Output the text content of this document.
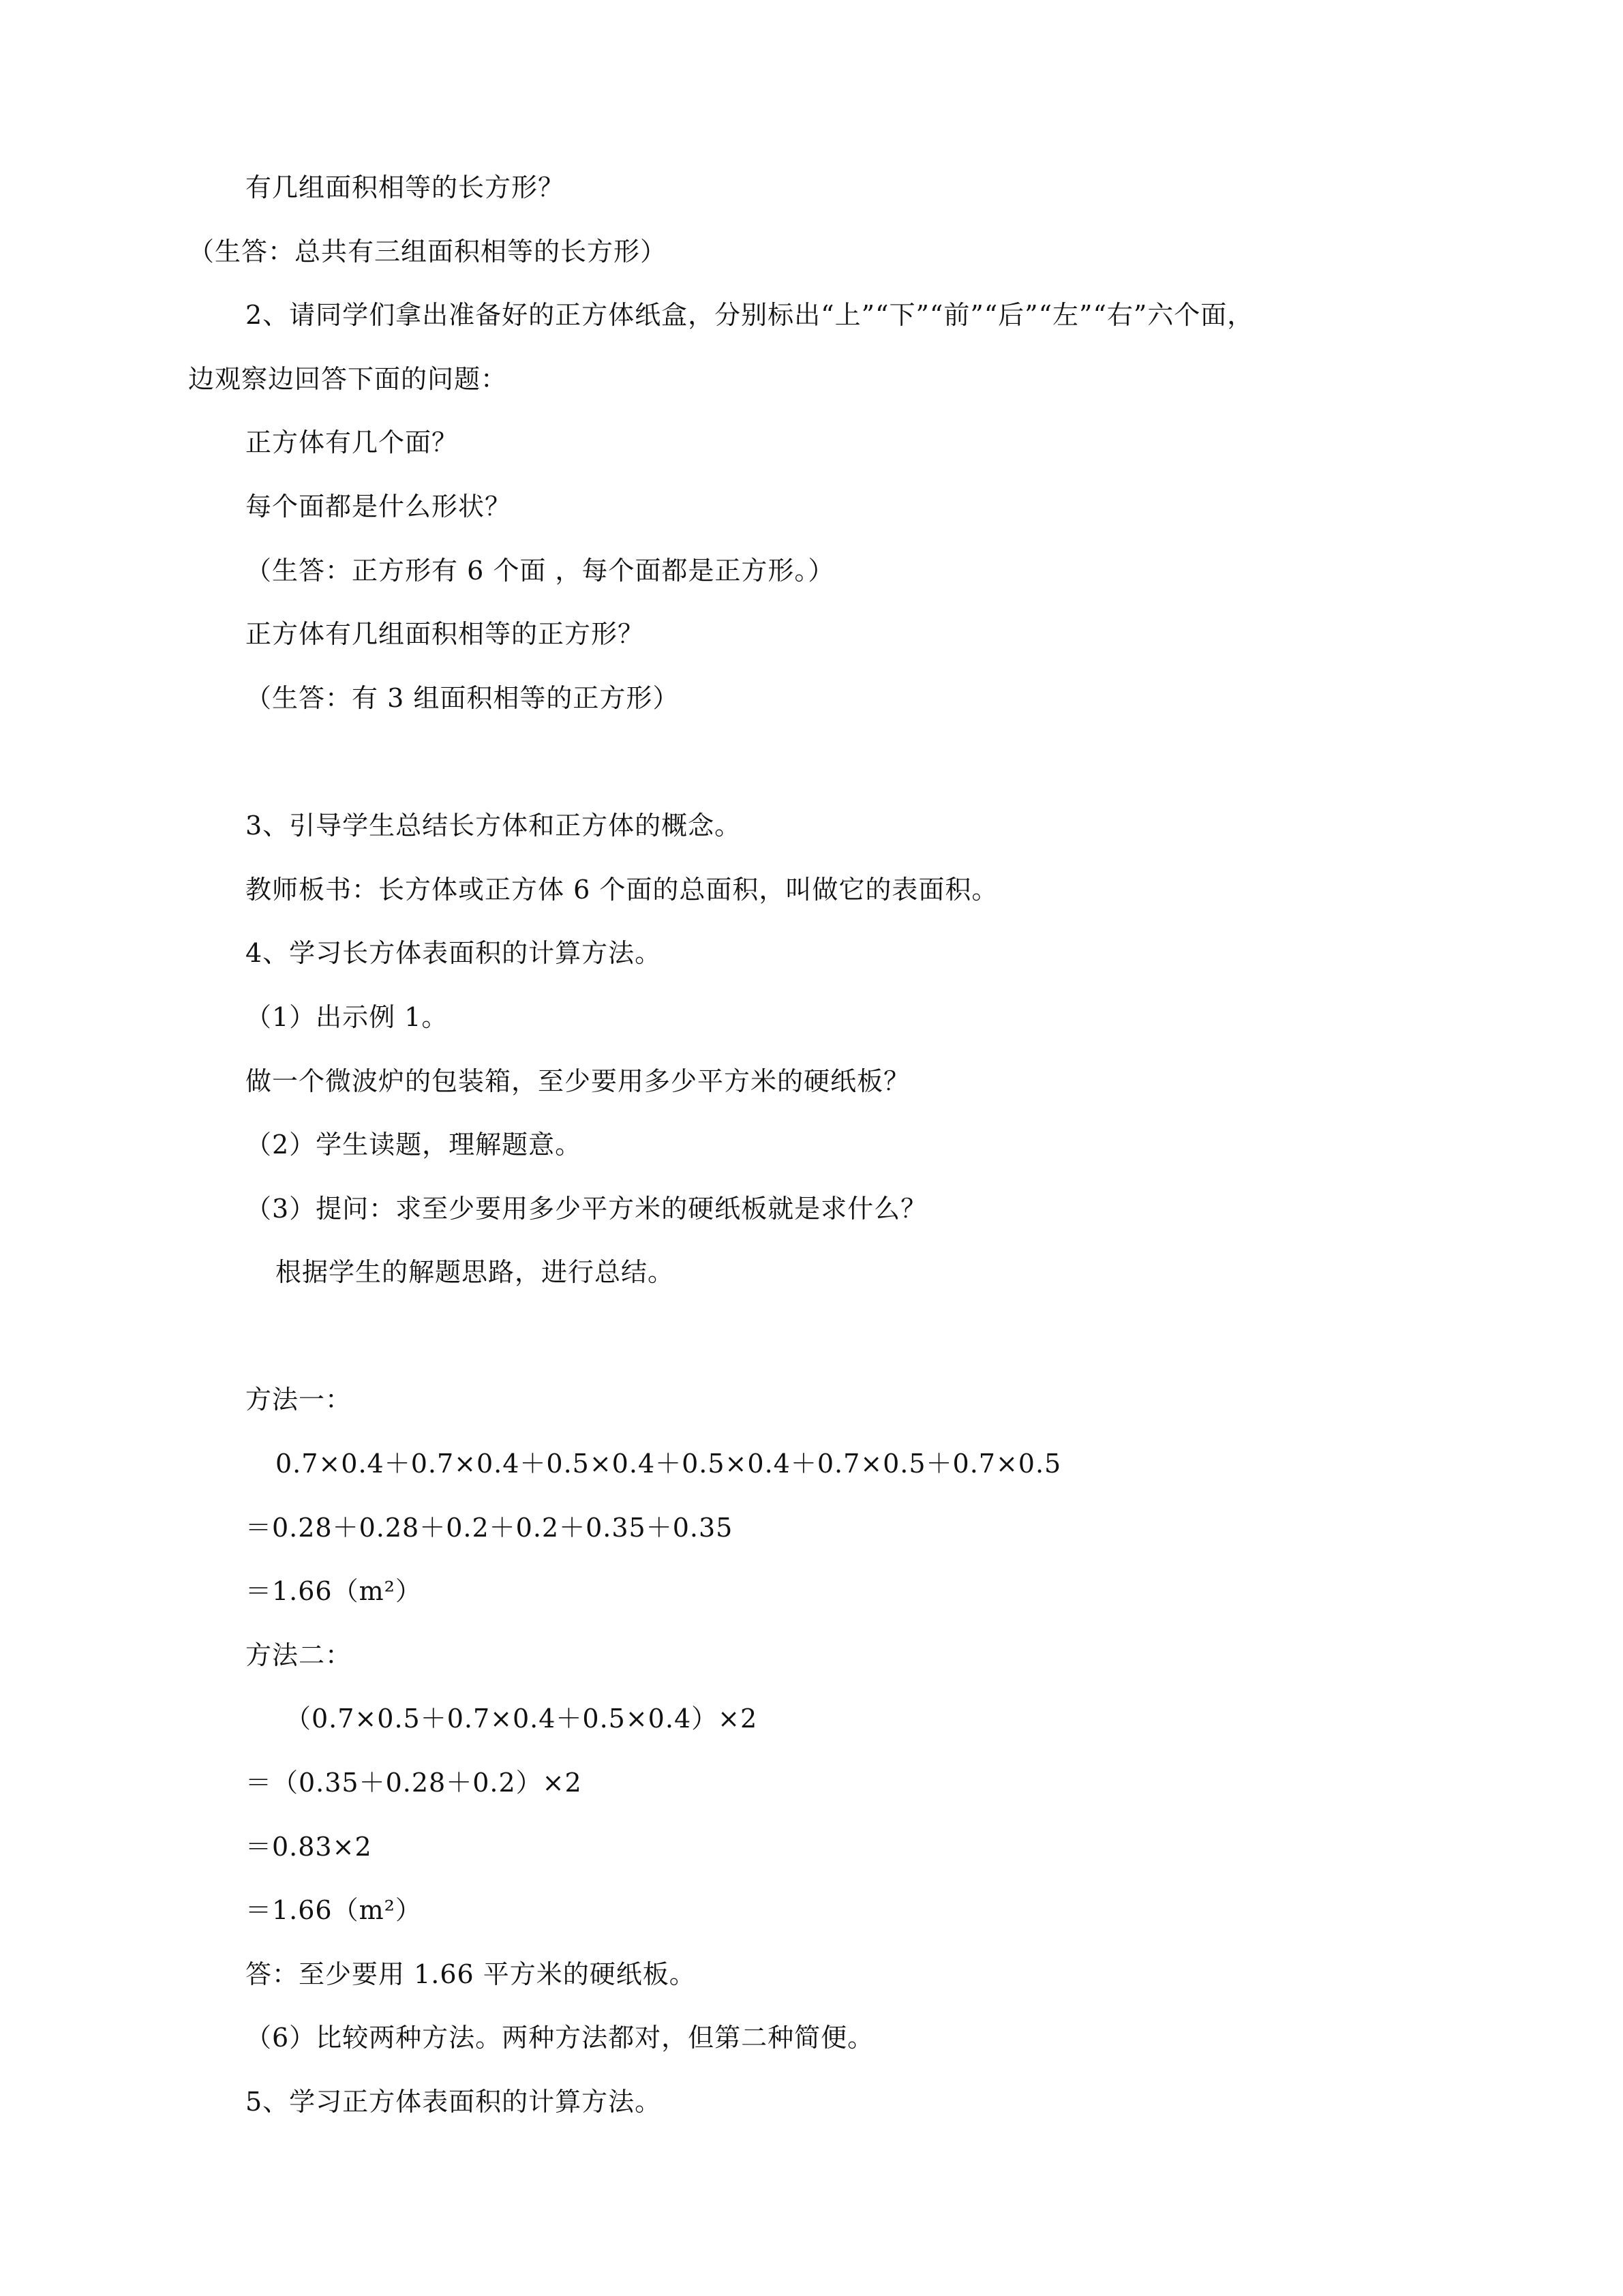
有几组面积相等的长方形？
（生答：总共有三组面积相等的长方形）
2、请同学们拿出准备好的正方体纸盒，分别标出“上”“下”“前”“后”“左”“右”六个面，
边观察边回答下面的问题：
正方体有几个面？
每个面都是什么形状？
（生答：正方形有 6 个面 ，每个面都是正方形。）
正方体有几组面积相等的正方形？
（生答：有 3 组面积相等的正方形）
3、引导学生总结长方体和正方体的概念。
教师板书：长方体或正方体 6 个面的总面积，叫做它的表面积。
4、学习长方体表面积的计算方法。
（1）出示例 1。
做一个微波炉的包装箱，至少要用多少平方米的硬纸板？
（2）学生读题，理解题意。
（3）提问：求至少要用多少平方米的硬纸板就是求什么？
根据学生的解题思路，进行总结。
方法一：
0.7×0.4＋0.7×0.4＋0.5×0.4＋0.5×0.4＋0.7×0.5＋0.7×0.5
＝0.28＋0.28＋0.2＋0.2＋0.35＋0.35
＝1.66（m²）
方法二：
（0.7×0.5＋0.7×0.4＋0.5×0.4）×2
＝（0.35＋0.28＋0.2）×2
＝0.83×2
＝1.66（m²）
答：至少要用 1.66 平方米的硬纸板。
（6）比较两种方法。两种方法都对，但第二种简便。
5、学习正方体表面积的计算方法。
